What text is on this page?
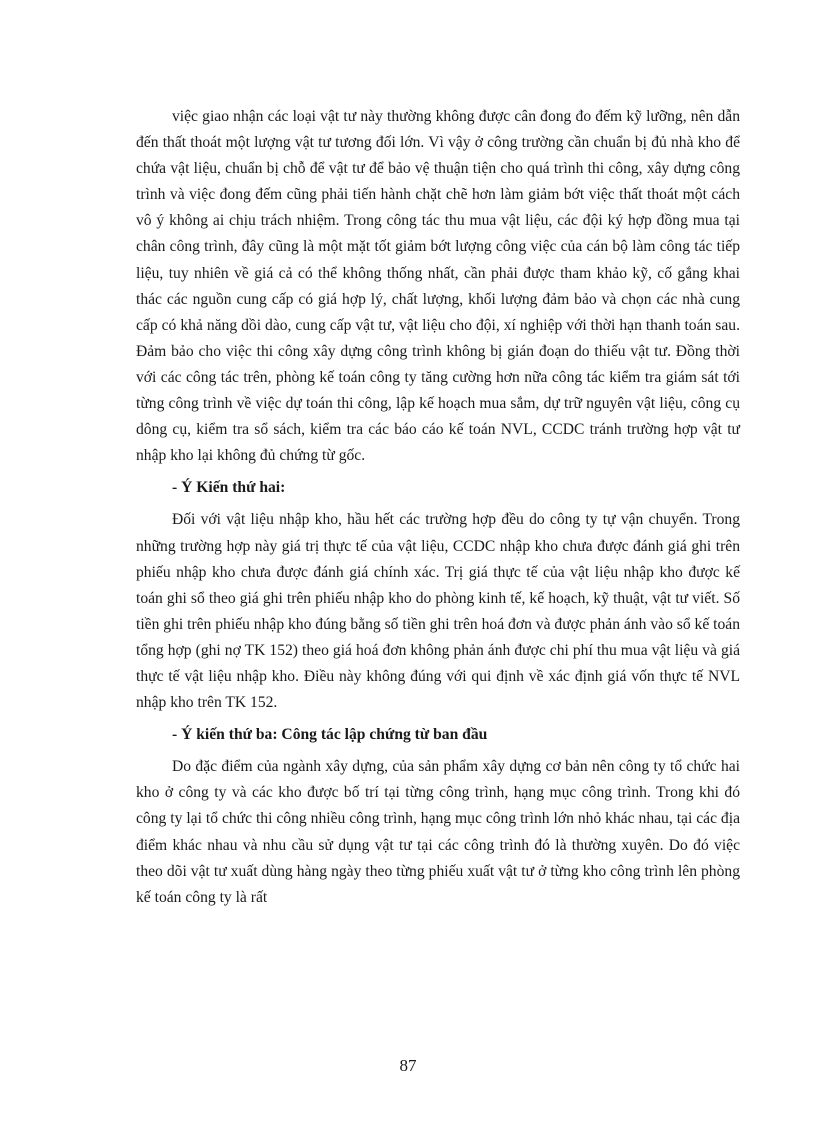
việc giao nhận các loại vật tư này thường không được cân đong đo đếm kỹ lưỡng, nên dẫn đến thất thoát một lượng vật tư tương đối lớn. Vì vậy ở công trường cần chuẩn bị đủ nhà kho để chứa vật liệu, chuẩn bị chỗ để vật tư để bảo vệ thuận tiện cho quá trình thi công, xây dựng công trình và việc đong đếm cũng phải tiến hành chặt chẽ hơn làm giảm bớt việc thất thoát một cách vô ý không ai chịu trách nhiệm. Trong công tác thu mua vật liệu, các đội ký hợp đồng mua tại chân công trình, đây cũng là một mặt tốt giảm bớt lượng công việc của cán bộ làm công tác tiếp liệu, tuy nhiên về giá cả có thể không thống nhất, cần phải được tham khảo kỹ, cố gắng khai thác các nguồn cung cấp có giá hợp lý, chất lượng, khối lượng đảm bảo và chọn các nhà cung cấp có khả năng dồi dào, cung cấp vật tư, vật liệu cho đội, xí nghiệp với thời hạn thanh toán sau. Đảm bảo cho việc thi công xây dựng công trình không bị gián đoạn do thiếu vật tư. Đồng thời với các công tác trên, phòng kế toán công ty tăng cường hơn nữa công tác kiểm tra giám sát tới từng công trình về việc dự toán thi công, lập kế hoạch mua sắm, dự trữ nguyên vật liệu, công cụ dông cụ, kiểm tra sổ sách, kiểm tra các báo cáo kế toán NVL, CCDC tránh trường hợp vật tư nhập kho lại không đủ chứng từ gốc.

- Ý Kiến thứ hai:

Đối với vật liệu nhập kho, hầu hết các trường hợp đều do công ty tự vận chuyển. Trong những trường hợp này giá trị thực tế của vật liệu, CCDC nhập kho chưa được đánh giá ghi trên phiếu nhập kho chưa được đánh giá chính xác. Trị giá thực tế của vật liệu nhập kho được kế toán ghi sổ theo giá ghi trên phiếu nhập kho do phòng kinh tế, kế hoạch, kỹ thuật, vật tư viết. Số tiền ghi trên phiếu nhập kho đúng bằng số tiền ghi trên hoá đơn và được phản ánh vào sổ kế toán tổng hợp (ghi nợ TK 152) theo giá hoá đơn không phản ánh được chi phí thu mua vật liệu và giá thực tế vật liệu nhập kho. Điều này không đúng với qui định về xác định giá vốn thực tế NVL nhập kho trên TK 152.

- Ý kiến thứ ba: Công tác lập chứng từ ban đầu

Do đặc điểm của ngành xây dựng, của sản phẩm xây dựng cơ bản nên công ty tổ chức hai kho ở công ty và các kho được bố trí tại từng công trình, hạng mục công trình. Trong khi đó công ty lại tổ chức thi công nhiều công trình, hạng mục công trình lớn nhỏ khác nhau, tại các địa điểm khác nhau và nhu cầu sử dụng vật tư tại các công trình đó là thường xuyên. Do đó việc theo dõi vật tư xuất dùng hàng ngày theo từng phiếu xuất vật tư ở từng kho công trình lên phòng kế toán công ty là rất

87
